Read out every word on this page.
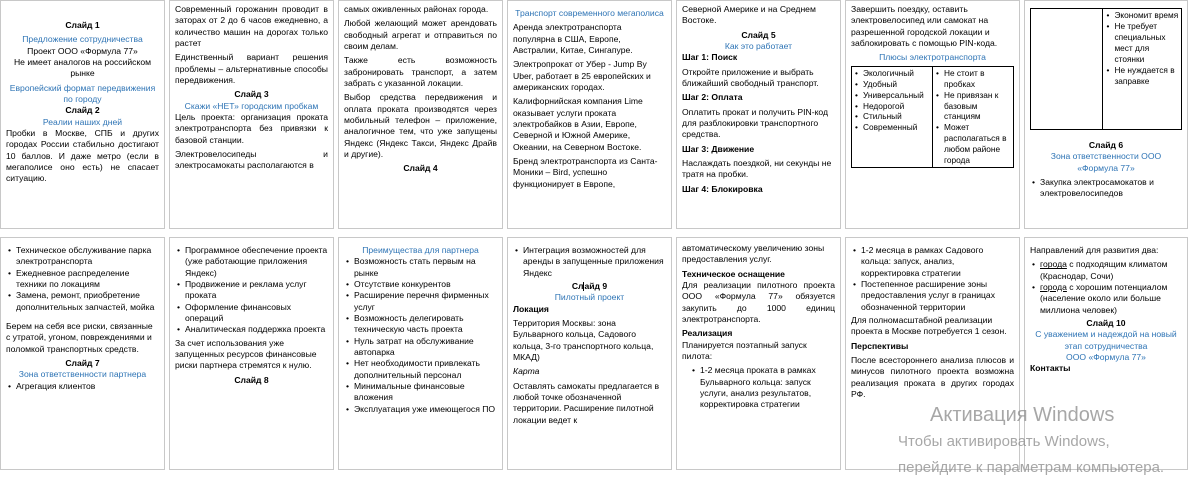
Слайд 1

Предложение сотрудничества

Проект ООО «Формула 77»

Не имеет аналогов на российском рынке

Европейский формат передвижения по городу

Слайд 2

Реалии наших дней

Пробки в Москве, СПБ и других городах России стабильно достигают 10 баллов. И даже метро (если в мегаполисе оно есть) не спасает ситуацию.

Современный горожанин проводит в заторах от 2 до 6 часов ежедневно, а количество машин на дорогах только растет

Единственный вариант решения проблемы – альтернативные способы передвижения.

Слайд 3

Скажи «НЕТ» городским пробкам

Цель проекта: организация проката электротранспорта без привязки к базовой станции.

Электровелосипеды и электросамокаты располагаются в

самых оживленных районах города.

Любой желающий может арендовать свободный агрегат и отправиться по своим делам.

Также есть возможность забронировать транспорт, а затем забрать с указанной локации.

Выбор средства передвижения и оплата проката производятся через мобильный телефон – приложение, аналогичное тем, что уже запущены Яндекс (Яндекс Такси, Яндекс Драйв и другие).

Слайд 4

Транспорт современного мегаполиса

Аренда электротранспорта популярна в США, Европе, Австралии, Китае, Сингапуре.

Электропрокат от Убер - Jump By Uber, работает в 25 европейских и американских городах.

Калифорнийская компания Lime оказывает услуги проката электробайков в Азии, Европе, Северной и Южной Америке, Океании, на Северном Востоке.

Бренд электротранспорта из Санта-Моники – Bird, успешно функционирует в Европе,

Северной Америке и на Среднем Востоке.

Слайд 5

Как это работает

Шаг 1: Поиск

Откройте приложение и выбрать ближайший свободный транспорт.

Шаг 2: Оплата

Оплатить прокат и получить PIN-код для разблокировки транспортного средства.

Шаг 3: Движение

Наслаждать поездкой, ни секунды не тратя на пробки.

Шаг 4: Блокировка

Завершить поездку, оставить электровелосипед или самокат на разрешенной городской локации и заблокировать с помощью PIN-кода.

Плюсы электротранспорта

• Экологичный
• Удобный
• Универсальный
• Недорогой
• Стильный
• Современный

• Не стоит в пробках
• Не привязан к базовым станциям
• Может располагаться в любом районе города

• Экономит время
• Не требует специальных мест для стоянки
• Не нуждается в заправке

Слайд 6

Зона ответственности ООО «Формула 77»

• Закупка электросамокатов и электровелосипедов
• Техническое обслуживание парка электротранспорта
• Ежедневное распределение техники по локациям
• Замена, ремонт, приобретение дополнительных запчастей, мойка

Берем на себя все риски, связанные с утратой, угоном, повреждениями и поломкой транспортных средств.

Слайд 7

Зона ответственности партнера

• Агрегация клиентов
• Программное обеспечение проекта (уже работающие приложения Яндекс)
• Продвижение и реклама услуг проката
• Оформление финансовых операций
• Аналитическая поддержка проекта

За счет использования уже запущенных ресурсов финансовые риски партнера стремятся к нулю.

Слайд 8

Преимущества для партнера

• Возможность стать первым на рынке
• Отсутствие конкурентов
• Расширение перечня фирменных услуг
• Возможность делегировать техническую часть проекта
• Нуль затрат на обслуживание автопарка
• Нет необходимости привлекать дополнительный персонал
• Минимальные финансовые вложения
• Эксплуатация уже имеющегося ПО
• Интеграция возможностей для аренды в запущенные приложения Яндекс

Слайд 9

Пилотный проект

Локация

Территория Москвы: зона Бульварного кольца, Садового кольца, 3-го транспортного кольца, МКАД)

Карта

Оставлять самокаты предлагается в любой точке обозначенной территории. Расширение пилотной локации ведет к

автоматическому увеличению зоны предоставления услуг.

Техническое оснащение

Для реализации пилотного проекта ООО «Формула 77» обязуется закупить до 1000 единиц электротранспорта.

Реализация

Планируется поэтапный запуск пилота:

• 1-2 месяца проката в рамках Бульварного кольца: запуск услуги, анализ результатов, корректировка стратегии
• 1-2 месяца в рамках Садового кольца: запуск, анализ, корректировка стратегии
• Постепенное расширение зоны предоставления услуг в границах обозначенной территории

Для полномасштабной реализации проекта в Москве потребуется 1 сезон.

Перспективы

После всестороннего анализа плюсов и минусов пилотного проекта возможна реализация проката в других городах РФ.

Направлений для развития два:

• города с подходящим климатом (Краснодар, Сочи)
• города с хорошим потенциалом (население около или больше миллиона человек)

Слайд 10

С уважением и надеждой на новый этап сотрудничества

ООО «Формула 77»

Контакты

Активация Windows
Чтобы активировать Windows,
перейдите к параметрам компьютера.
